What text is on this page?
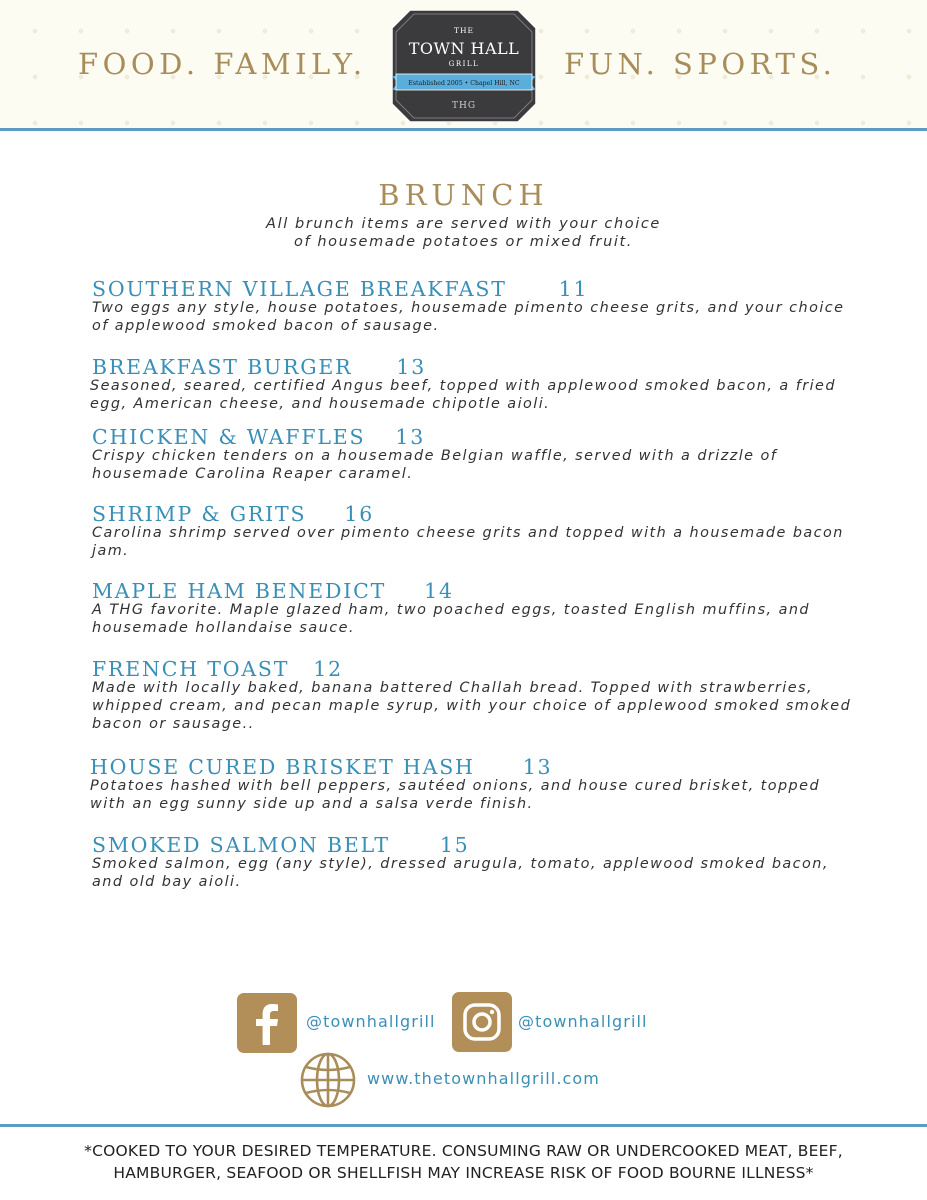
FOOD. FAMILY.	FUN. SPORTS.
THE
TOWN HALL
GRILL
Established 2005 • Chapel Hill, NC
THG
BRUNCH
All brunch items are served with your choice
of housemade potatoes or mixed fruit.
SOUTHERN VILLAGE BREAKFAST	11
Two eggs any style, house potatoes, housemade pimento cheese grits, and your choice of applewood smoked bacon of sausage.
BREAKFAST BURGER 13
Seasoned, seared, certified Angus beef, topped with applewood smoked bacon, a fried egg, American cheese, and housemade chipotle aioli.
CHICKEN & WAFFLES 13
Crispy chicken tenders on a housemade Belgian waffle, served with a drizzle of housemade Carolina Reaper caramel.
SHRIMP & GRITS 16
Carolina shrimp served over pimento cheese grits and topped with a housemade bacon jam.
MAPLE HAM BENEDICT 14
A THG favorite. Maple glazed ham, two poached eggs, toasted English muffins, and housemade hollandaise sauce.
FRENCH TOAST 12
Made with locally baked, banana battered Challah bread. Topped with strawberries, whipped cream, and pecan maple syrup, with your choice of applewood smoked smoked bacon or sausage..
HOUSE CURED BRISKET HASH 13
Potatoes hashed with bell peppers, sautéed onions, and house cured brisket, topped with an egg sunny side up and a salsa verde finish.
SMOKED SALMON BELT 15
Smoked salmon, egg (any style), dressed arugula, tomato, applewood smoked bacon, and old bay aioli.
@townhallgrill	@townhallgrill
www.thetownhallgrill.com
*COOKED TO YOUR DESIRED TEMPERATURE. CONSUMING RAW OR UNDERCOOKED MEAT, BEEF,
HAMBURGER, SEAFOOD OR SHELLFISH MAY INCREASE RISK OF FOOD BOURNE ILLNESS*
